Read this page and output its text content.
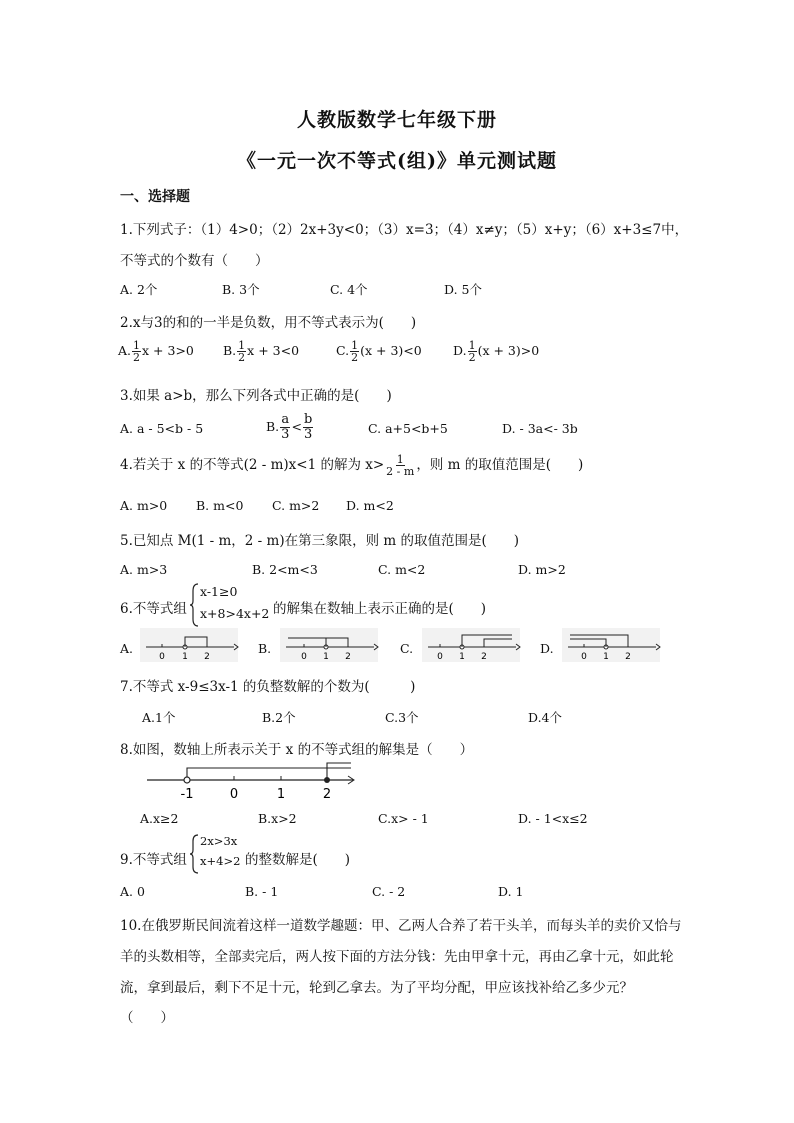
人教版数学七年级下册
《一元一次不等式(组)》单元测试题
一、选择题
1.下列式子：（1）4>0；（2）2x+3y<0；（3）x=3；（4）x≠y；（5）x+y；（6）x+3≤7中，
不等式的个数有（　　）
A. 2个	B. 3个	C. 4个	D. 5个
2.x与3的和的一半是负数，用不等式表示为(　　)
A. $\frac{1}{2}$ x + 3>0 B. $\frac{1}{2}$ x + 3<0	C. $\frac{1}{2} (x + 3)<0$	D. $\frac{1}{2} (x + 3)>0$
3.如果 a>b，那么下列各式中正确的是(　　)
A. a - 5<b - 5	B. $\frac{a}{3} < \frac{b}{3}$	C. a+5<b+5	D. - 3a<- 3b
4.若关于 x 的不等式(2 - m)x<1 的解为 $x> \frac{1}{2 - m}$ ，则 m 的取值范围是(　　)
A. m>0 B. m<0 C. m>2 D. m<2
5.已知点 M(1 - m，2 - m)在第三象限，则 m 的取值范围是(　　)
A. m>3	B. 2<m<3	C. m<2	D. m>2
6.不等式组
x-1≥0
x+8>4x+2 的解集在数轴上表示正确的是(　　)
A.	B.	C.	D.
0 1 2	0 1 2	0 1 2	0 1 2
7.不等式 x-9≤3x-1 的负整数解的个数为(　　　)
A.1个	B.2个	C.3个	D.4个
8.如图，数轴上所表示关于 x 的不等式组的解集是（　　）
-1	0	1	2
A.x≥2	B.x>2	C.x> - 1	D. - 1<x≤2
9.不等式组
2x>3x
x+4>2 的整数解是(　　)
A. 0	B. - 1	C. - 2	D. 1
10.在俄罗斯民间流着这样一道数学趣题：甲、乙两人合养了若干头羊，而每头羊的卖价又恰与
羊的头数相等，全部卖完后，两人按下面的方法分钱：先由甲拿十元，再由乙拿十元，如此轮
流，拿到最后，剩下不足十元，轮到乙拿去。为了平均分配，甲应该找补给乙多少元？
（　　）
